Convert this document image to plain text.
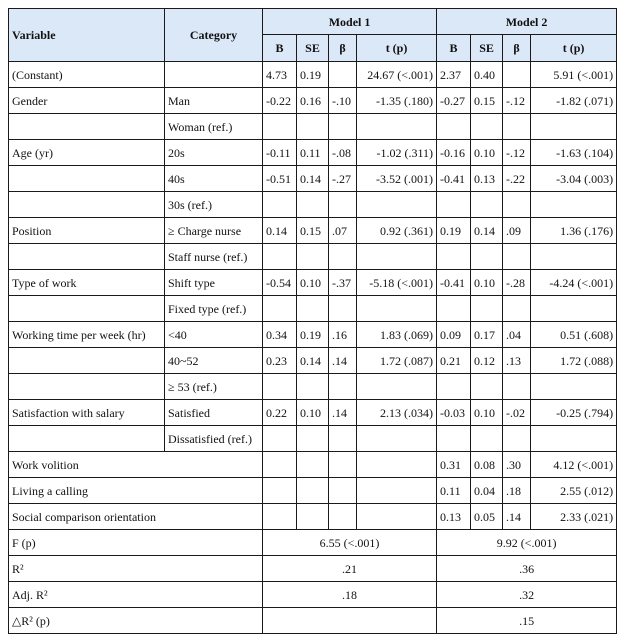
Variable	Category	Model 1				Model 2			
		B	SE	β	t (p)	B	SE	β	t (p)
(Constant)		4.73	0.19		24.67 (<.001)	2.37	0.40		5.91 (<.001)
Gender	Man	-0.22	0.16	-.10	-1.35 (.180)	-0.27	0.15	-.12	-1.82 (.071)
	Woman (ref.)								
Age (yr)	20s	-0.11	0.11	-.08	-1.02 (.311)	-0.16	0.10	-.12	-1.63 (.104)
	40s	-0.51	0.14	-.27	-3.52 (.001)	-0.41	0.13	-.22	-3.04 (.003)
	30s (ref.)								
Position	≥ Charge nurse	0.14	0.15	.07	0.92 (.361)	0.19	0.14	.09	1.36 (.176)
	Staff nurse (ref.)								
Type of work	Shift type	-0.54	0.10	-.37	-5.18 (<.001)	-0.41	0.10	-.28	-4.24 (<.001)
	Fixed type (ref.)								
Working time per week (hr)	<40	0.34	0.19	.16	1.83 (.069)	0.09	0.17	.04	0.51 (.608)
	40~52	0.23	0.14	.14	1.72 (.087)	0.21	0.12	.13	1.72 (.088)
	≥ 53 (ref.)								
Satisfaction with salary	Satisfied	0.22	0.10	.14	2.13 (.034)	-0.03	0.10	-.02	-0.25 (.794)
	Dissatisfied (ref.)								
Work volition						0.31	0.08	.30	4.12 (<.001)
Living a calling						0.11	0.04	.18	2.55 (.012)
Social comparison orientation						0.13	0.05	.14	2.33 (.021)
F (p)		6.55 (<.001)				9.92 (<.001)			
R²		.21				.36			
Adj. R²		.18				.32			
△R² (p)						.15			
